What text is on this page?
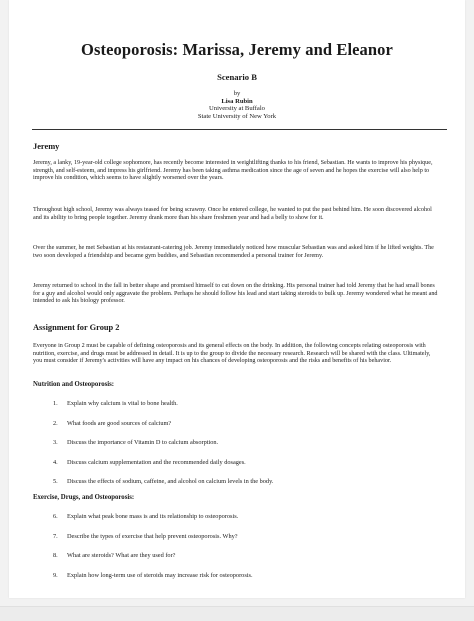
Osteoporosis: Marissa, Jeremy and Eleanor
Scenario B
by
Lisa Rubin
University at Buffalo
State University of New York
Jeremy
Jeremy, a lanky, 19-year-old college sophomore, has recently become interested in weightlifting thanks to his friend, Sebastian. He wants to improve his physique, strength, and self-esteem, and impress his girlfriend. Jeremy has been taking asthma medication since the age of seven and he hopes the exercise will also help to improve his condition, which seems to have slightly worsened over the years.
Throughout high school, Jeremy was always teased for being scrawny. Once he entered college, he wanted to put the past behind him. He soon discovered alcohol and its ability to bring people together. Jeremy drank more than his share freshmen year and had a belly to show for it.
Over the summer, he met Sebastian at his restaurant-catering job. Jeremy immediately noticed how muscular Sebastian was and asked him if he lifted weights. The two soon developed a friendship and became gym buddies, and Sebastian recommended a personal trainer for Jeremy.
Jeremy returned to school in the fall in better shape and promised himself to cut down on the drinking. His personal trainer had told Jeremy that he had small bones for a guy and alcohol would only aggravate the problem. Perhaps he should follow his lead and start taking steroids to bulk up. Jeremy wondered what he meant and intended to ask his biology professor.
Assignment for Group 2
Everyone in Group 2 must be capable of defining osteoporosis and its general effects on the body. In addition, the following concepts relating osteoporosis with nutrition, exercise, and drugs must be addressed in detail. It is up to the group to divide the necessary research. Research will be shared with the class. Ultimately, you must consider if Jeremy's activities will have any impact on his chances of developing osteoporosis and the risks and benefits of his behavior.
Nutrition and Osteoporosis:
1.	Explain why calcium is vital to bone health.
2.	What foods are good sources of calcium?
3.	Discuss the importance of Vitamin D to calcium absorption.
4.	Discuss calcium supplementation and the recommended daily dosages.
5.	Discuss the effects of sodium, caffeine, and alcohol on calcium levels in the body.
Exercise, Drugs, and Osteoporosis:
6.	Explain what peak bone mass is and its relationship to osteoporosis.
7.	Describe the types of exercise that help prevent osteoporosis. Why?
8.	What are steroids? What are they used for?
9.	Explain how long-term use of steroids may increase risk for osteoporosis.
